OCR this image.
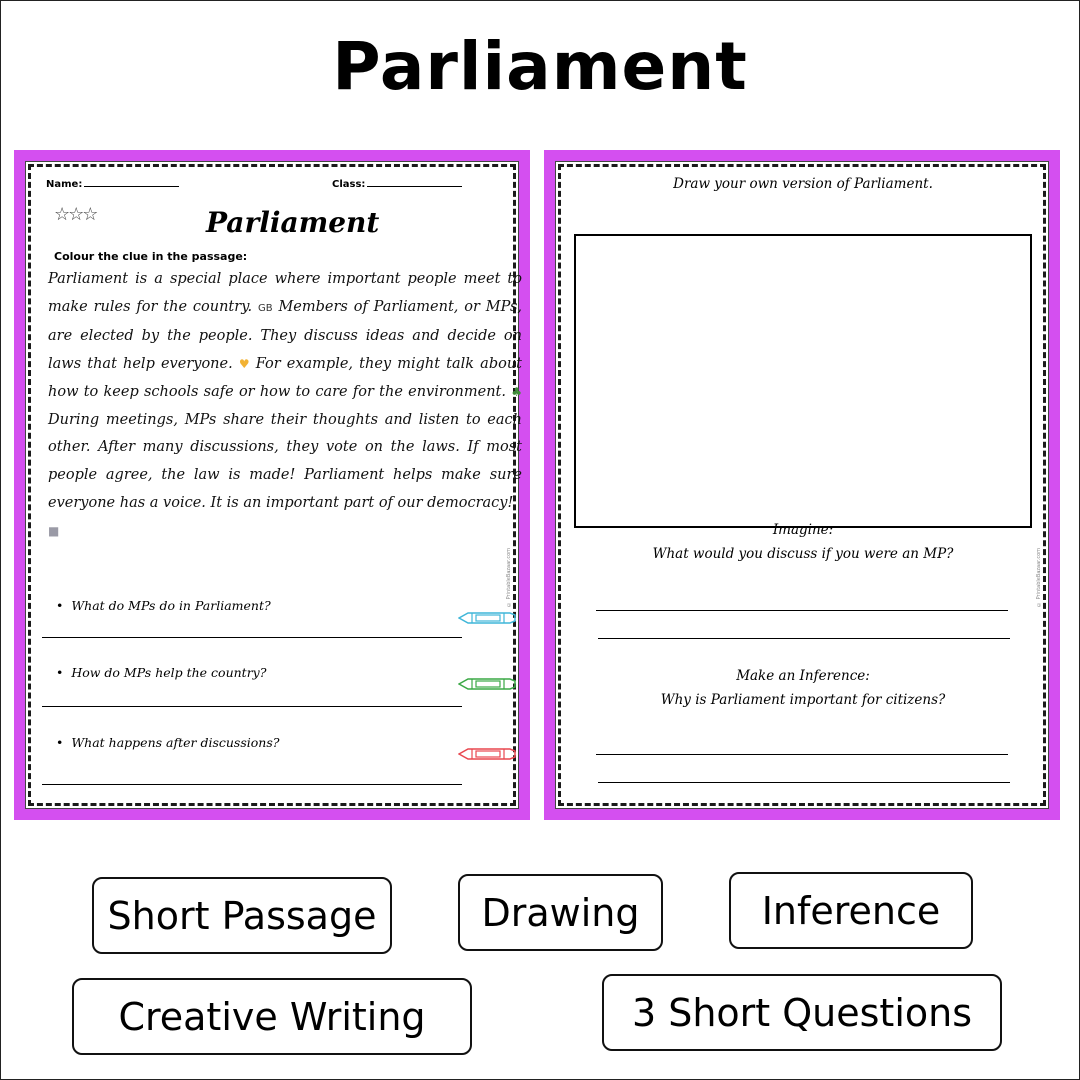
Parliament
Name:	Class:
☆☆☆	Parliament
Colour the clue in the passage:
Parliament is a special place where important people meet to make rules for the country. GB Members of Parliament, or MPs, are elected by the people. They discuss ideas and decide on laws that help everyone. ♥ For example, they might talk about how to keep schools safe or how to care for the environment. ♣ During meetings, MPs share their thoughts and listen to each other. After many discussions, they vote on the laws. If most people agree, the law is made! Parliament helps make sure everyone has a voice. It is an important part of our democracy!
■
• What do MPs do in Parliament?
• How do MPs help the country?
• What happens after discussions?
© PrintableBazaar.com
Draw your own version of Parliament.
Imagine:
What would you discuss if you were an MP?
Make an Inference:
Why is Parliament important for citizens?
© PrintableBazaar.com
Short Passage	Drawing	Inference
Creative Writing	3 Short Questions
